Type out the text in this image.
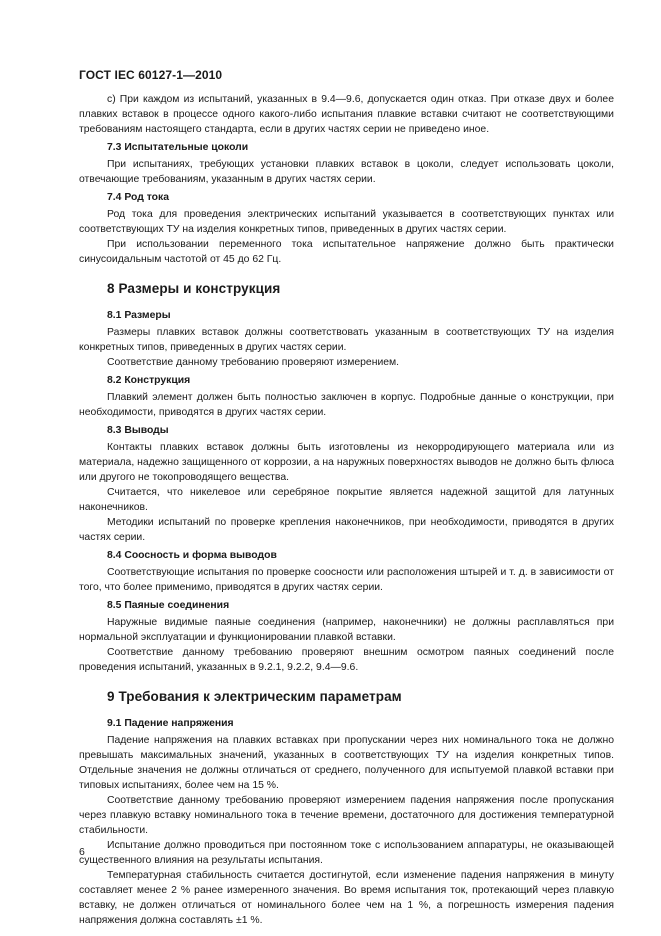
ГОСТ IEC 60127-1—2010

c) При каждом из испытаний, указанных в 9.4—9.6, допускается один отказ. При отказе двух и более плавких вставок в процессе одного какого-либо испытания плавкие вставки считают не соответствующими требованиям настоящего стандарта, если в других частях серии не приведено иное.

7.3 Испытательные цоколи

При испытаниях, требующих установки плавких вставок в цоколи, следует использовать цоколи, отвечающие требованиям, указанным в других частях серии.

7.4 Род тока

Род тока для проведения электрических испытаний указывается в соответствующих пунктах или соответствующих ТУ на изделия конкретных типов, приведенных в других частях серии.

При использовании переменного тока испытательное напряжение должно быть практически синусоидальным частотой от 45 до 62 Гц.

8 Размеры и конструкция
8.1 Размеры

Размеры плавких вставок должны соответствовать указанным в соответствующих ТУ на изделия конкретных типов, приведенных в других частях серии.

Соответствие данному требованию проверяют измерением.

8.2 Конструкция

Плавкий элемент должен быть полностью заключен в корпус. Подробные данные о конструкции, при необходимости, приводятся в других частях серии.

8.3 Выводы

Контакты плавких вставок должны быть изготовлены из некорродирующего материала или из материала, надежно защищенного от коррозии, а на наружных поверхностях выводов не должно быть флюса или другого не токопроводящего вещества.

Считается, что никелевое или серебряное покрытие является надежной защитой для латунных наконечников.

Методики испытаний по проверке крепления наконечников, при необходимости, приводятся в других частях серии.

8.4 Соосность и форма выводов

Соответствующие испытания по проверке соосности или расположения штырей и т. д. в зависимости от того, что более применимо, приводятся в других частях серии.

8.5 Паяные соединения

Наружные видимые паяные соединения (например, наконечники) не должны расплавляться при нормальной эксплуатации и функционировании плавкой вставки.

Соответствие данному требованию проверяют внешним осмотром паяных соединений после проведения испытаний, указанных в 9.2.1, 9.2.2, 9.4—9.6.

9 Требования к электрическим параметрам
9.1 Падение напряжения

Падение напряжения на плавких вставках при пропускании через них номинального тока не должно превышать максимальных значений, указанных в соответствующих ТУ на изделия конкретных типов. Отдельные значения не должны отличаться от среднего, полученного для испытуемой плавкой вставки при типовых испытаниях, более чем на 15 %.

Соответствие данному требованию проверяют измерением падения напряжения после пропускания через плавкую вставку номинального тока в течение времени, достаточного для достижения температурной стабильности.

Испытание должно проводиться при постоянном токе с использованием аппаратуры, не оказывающей существенного влияния на результаты испытания.

Температурная стабильность считается достигнутой, если изменение падения напряжения в минуту составляет менее 2 % ранее измеренного значения. Во время испытания ток, протекающий через плавкую вставку, не должен отличаться от номинального более чем на 1 %, а погрешность измерения падения напряжения должна составлять ±1 %.

6
